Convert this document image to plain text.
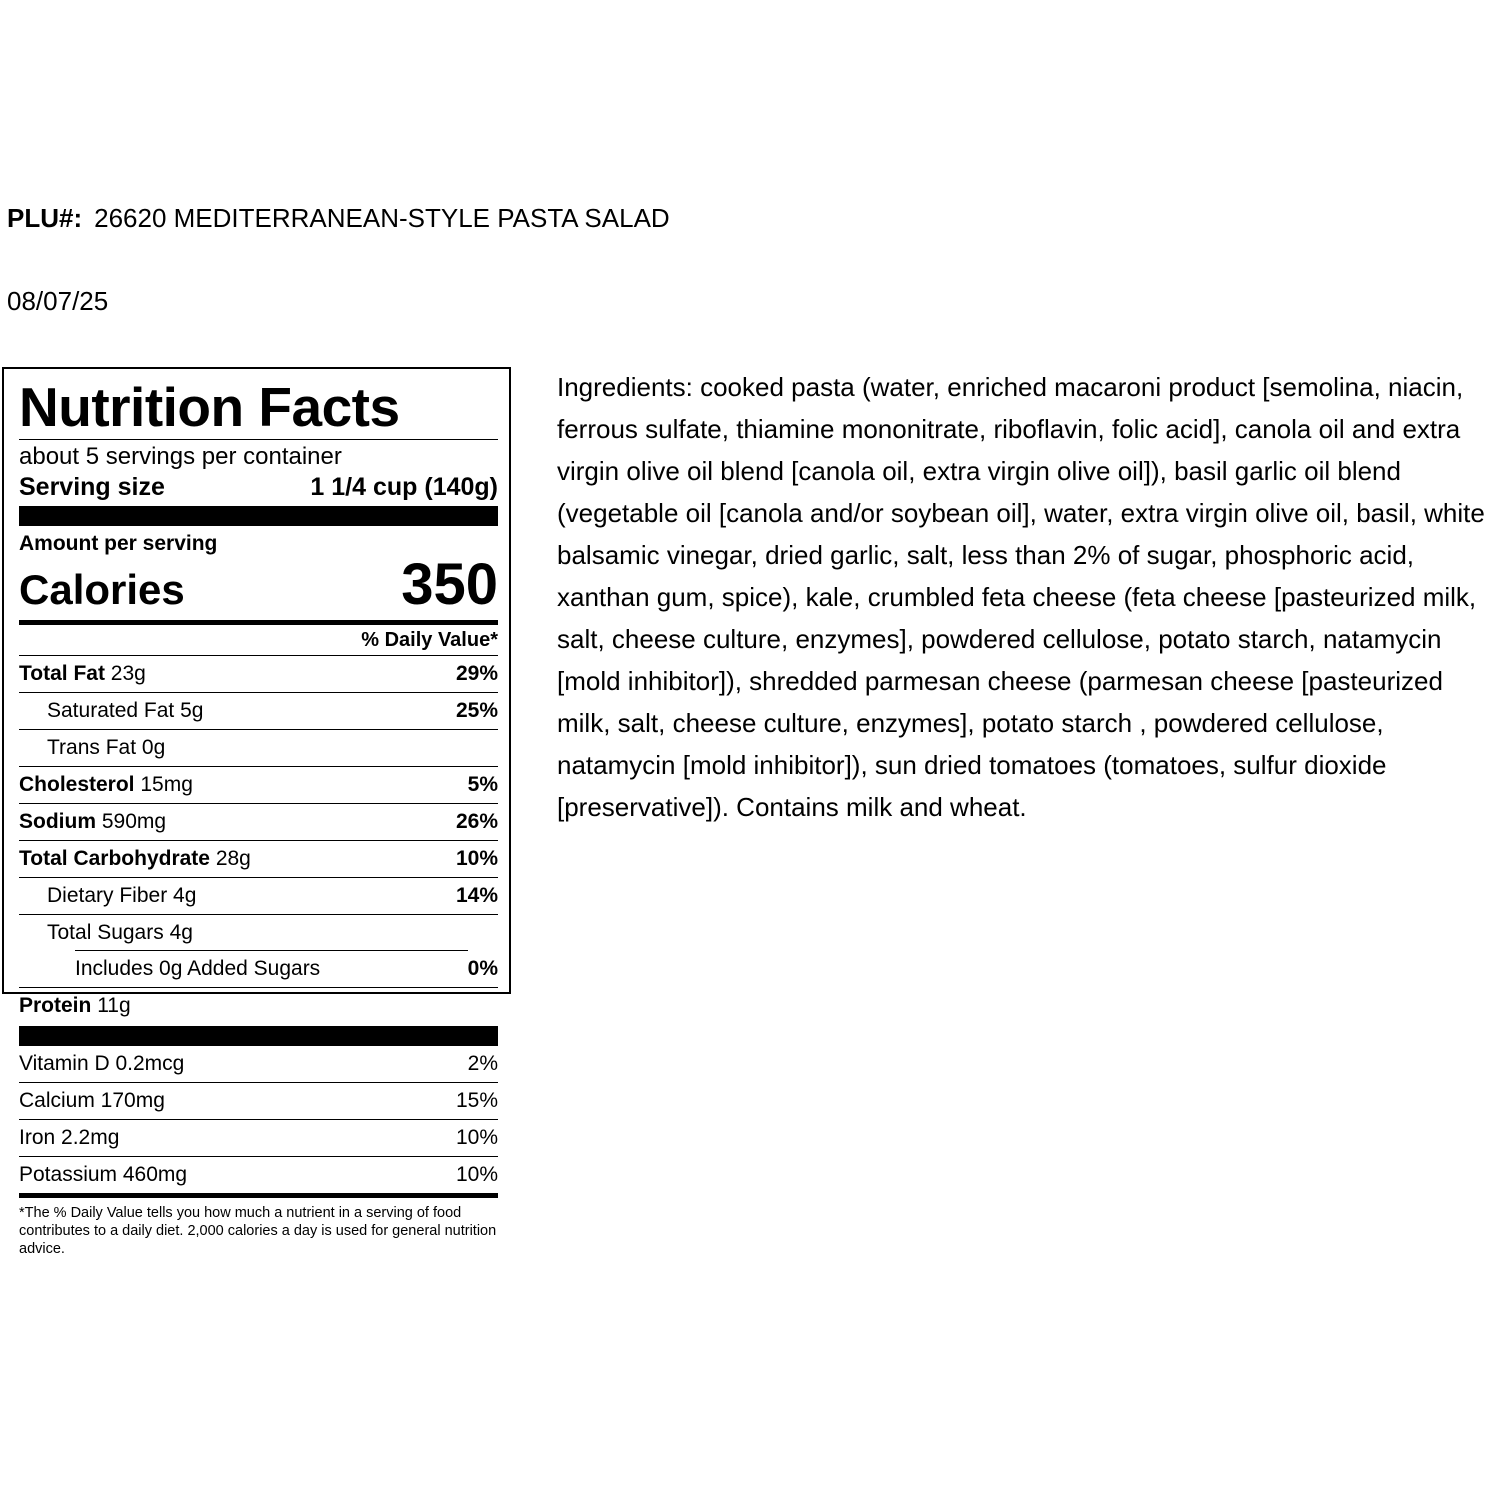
PLU#: 26620 MEDITERRANEAN-STYLE PASTA SALAD
08/07/25
Nutrition Facts
about 5 servings per container
Serving size	1 1/4 cup (140g)
Amount per serving
Calories	350
% Daily Value*
Total Fat 23g	29%
Saturated Fat 5g	25%
Trans Fat 0g
Cholesterol 15mg	5%
Sodium 590mg	26%
Total Carbohydrate 28g	10%
Dietary Fiber 4g	14%
Total Sugars 4g
Includes 0g Added Sugars	0%
Protein 11g
Vitamin D 0.2mcg	2%
Calcium 170mg	15%
Iron 2.2mg	10%
Potassium 460mg	10%
*The % Daily Value tells you how much a nutrient in a serving of food contributes to a daily diet. 2,000 calories a day is used for general nutrition advice.
Ingredients: cooked pasta (water, enriched macaroni product [semolina, niacin, ferrous sulfate, thiamine mononitrate, riboflavin, folic acid], canola oil and extra virgin olive oil blend [canola oil, extra virgin olive oil]), basil garlic oil blend (vegetable oil [canola and/or soybean oil], water, extra virgin olive oil, basil, white balsamic vinegar, dried garlic, salt, less than 2% of sugar, phosphoric acid, xanthan gum, spice), kale, crumbled feta cheese (feta cheese [pasteurized milk, salt, cheese culture, enzymes], powdered cellulose, potato starch, natamycin [mold inhibitor]), shredded parmesan cheese (parmesan cheese [pasteurized milk, salt, cheese culture, enzymes], potato starch , powdered cellulose, natamycin [mold inhibitor]), sun dried tomatoes (tomatoes, sulfur dioxide [preservative]). Contains milk and wheat.
